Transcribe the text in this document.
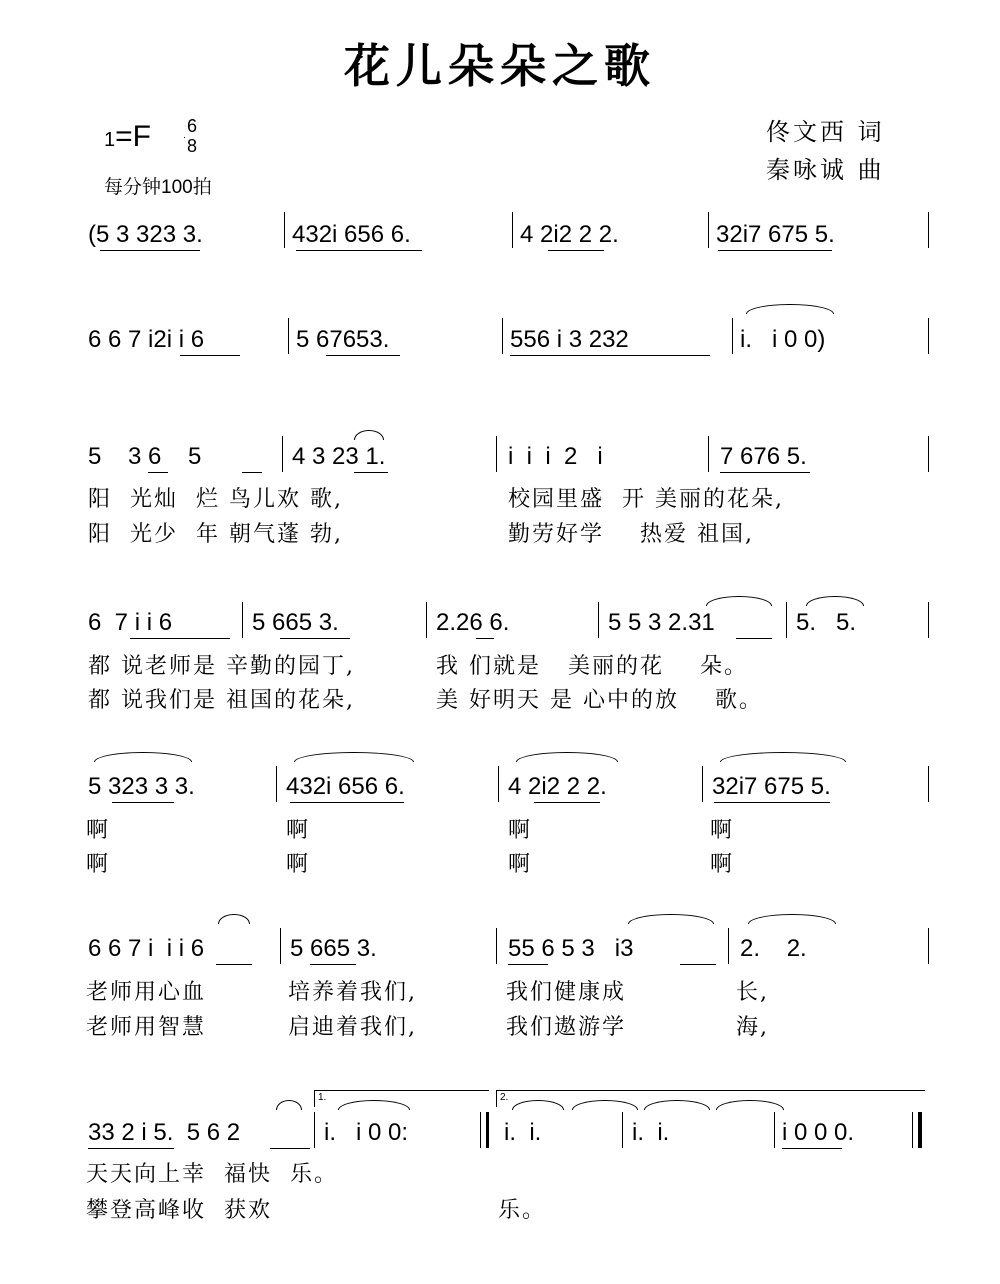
花儿朵朵之歌
1=F 6
8
每分钟100拍
佟文西 词
秦咏诚 曲
(5 3 323 3.	432i 656 6.	4 2i2 2 2.	32i7 675 5.
6 6 7 i2i i 6	5 67653.	556 i 3 232	i.   i 0 0)
5    3 6    5	4 3 23 1.	i  i  i  2   i	7 676 5.
阳  光灿  烂 鸟儿欢 歌,	校园里盛  开 美丽的花朵,
阳  光少  年 朝气蓬 勃,	勤劳好学    热爱 祖国,
6  7 i i 6	5 665 3.	2.26 6.	5 5 3 2.31	5.   5.
都 说老师是 辛勤的园丁,	我 们就是   美丽的花    朵。
都 说我们是 祖国的花朵,	美 好明天 是 心中的放    歌。
5 323 3 3.	432i 656 6.	4 2i2 2 2.	32i7 675 5.
啊	啊	啊	啊
啊	啊	啊	啊
6 6 7 i  i i 6	5 665 3.	55 6 5 3   i3	2.    2.
老师用心血	培养着我们,	我们健康成	长,
老师用智慧	启迪着我们,	我们遨游学	海,
1.	2.
33 2 i 5.  5 6 2	i.   i 0 0:	i.  i.	i.  i.	i 0 0 0.
天天向上幸  福快  乐。
攀登高峰收  获欢	乐。
